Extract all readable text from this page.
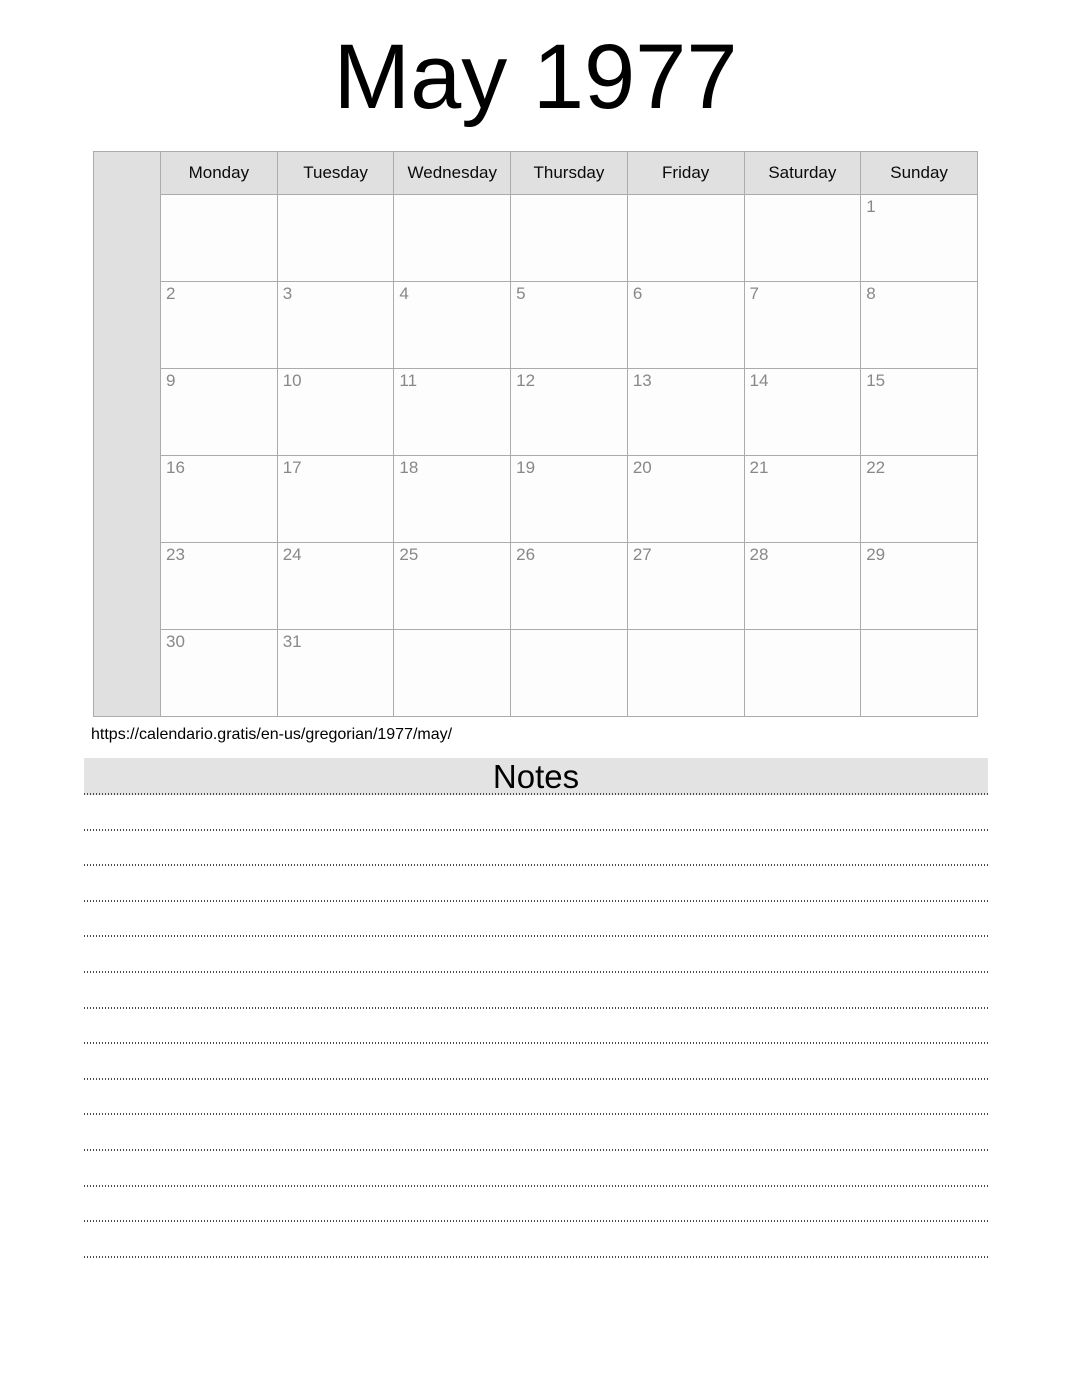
May 1977
	Monday	Tuesday	Wednesday	Thursday	Friday	Saturday	Sunday
							1
	2	3	4	5	6	7	8
	9	10	11	12	13	14	15
	16	17	18	19	20	21	22
	23	24	25	26	27	28	29
	30	31					
https://calendario.gratis/en-us/gregorian/1977/may/
Notes
